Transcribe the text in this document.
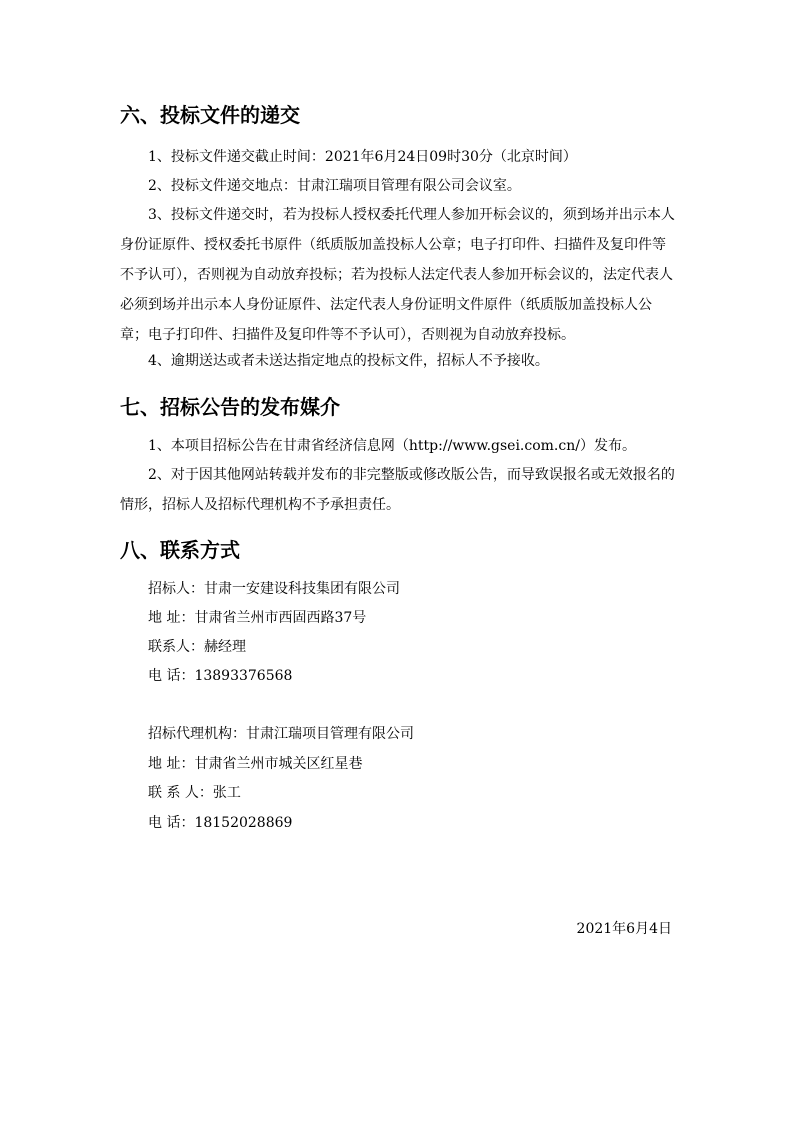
六、投标文件的递交
1、投标文件递交截止时间：2021年6月24日09时30分（北京时间）
2、投标文件递交地点：甘肃江瑞项目管理有限公司会议室。
3、投标文件递交时，若为投标人授权委托代理人参加开标会议的，须到场并出示本人身份证原件、授权委托书原件（纸质版加盖投标人公章；电子打印件、扫描件及复印件等不予认可），否则视为自动放弃投标；若为投标人法定代表人参加开标会议的，法定代表人必须到场并出示本人身份证原件、法定代表人身份证明文件原件（纸质版加盖投标人公章；电子打印件、扫描件及复印件等不予认可），否则视为自动放弃投标。
4、逾期送达或者未送达指定地点的投标文件，招标人不予接收。
七、招标公告的发布媒介
1、本项目招标公告在甘肃省经济信息网（http://www.gsei.com.cn/）发布。
2、对于因其他网站转载并发布的非完整版或修改版公告，而导致误报名或无效报名的情形，招标人及招标代理机构不予承担责任。
八、联系方式
招标人：甘肃一安建设科技集团有限公司
地 址：甘肃省兰州市西固西路37号
联系人：赫经理
电 话：13893376568
招标代理机构：甘肃江瑞项目管理有限公司
地 址：甘肃省兰州市城关区红星巷
联 系 人：张工
电 话：18152028869
2021年6月4日
